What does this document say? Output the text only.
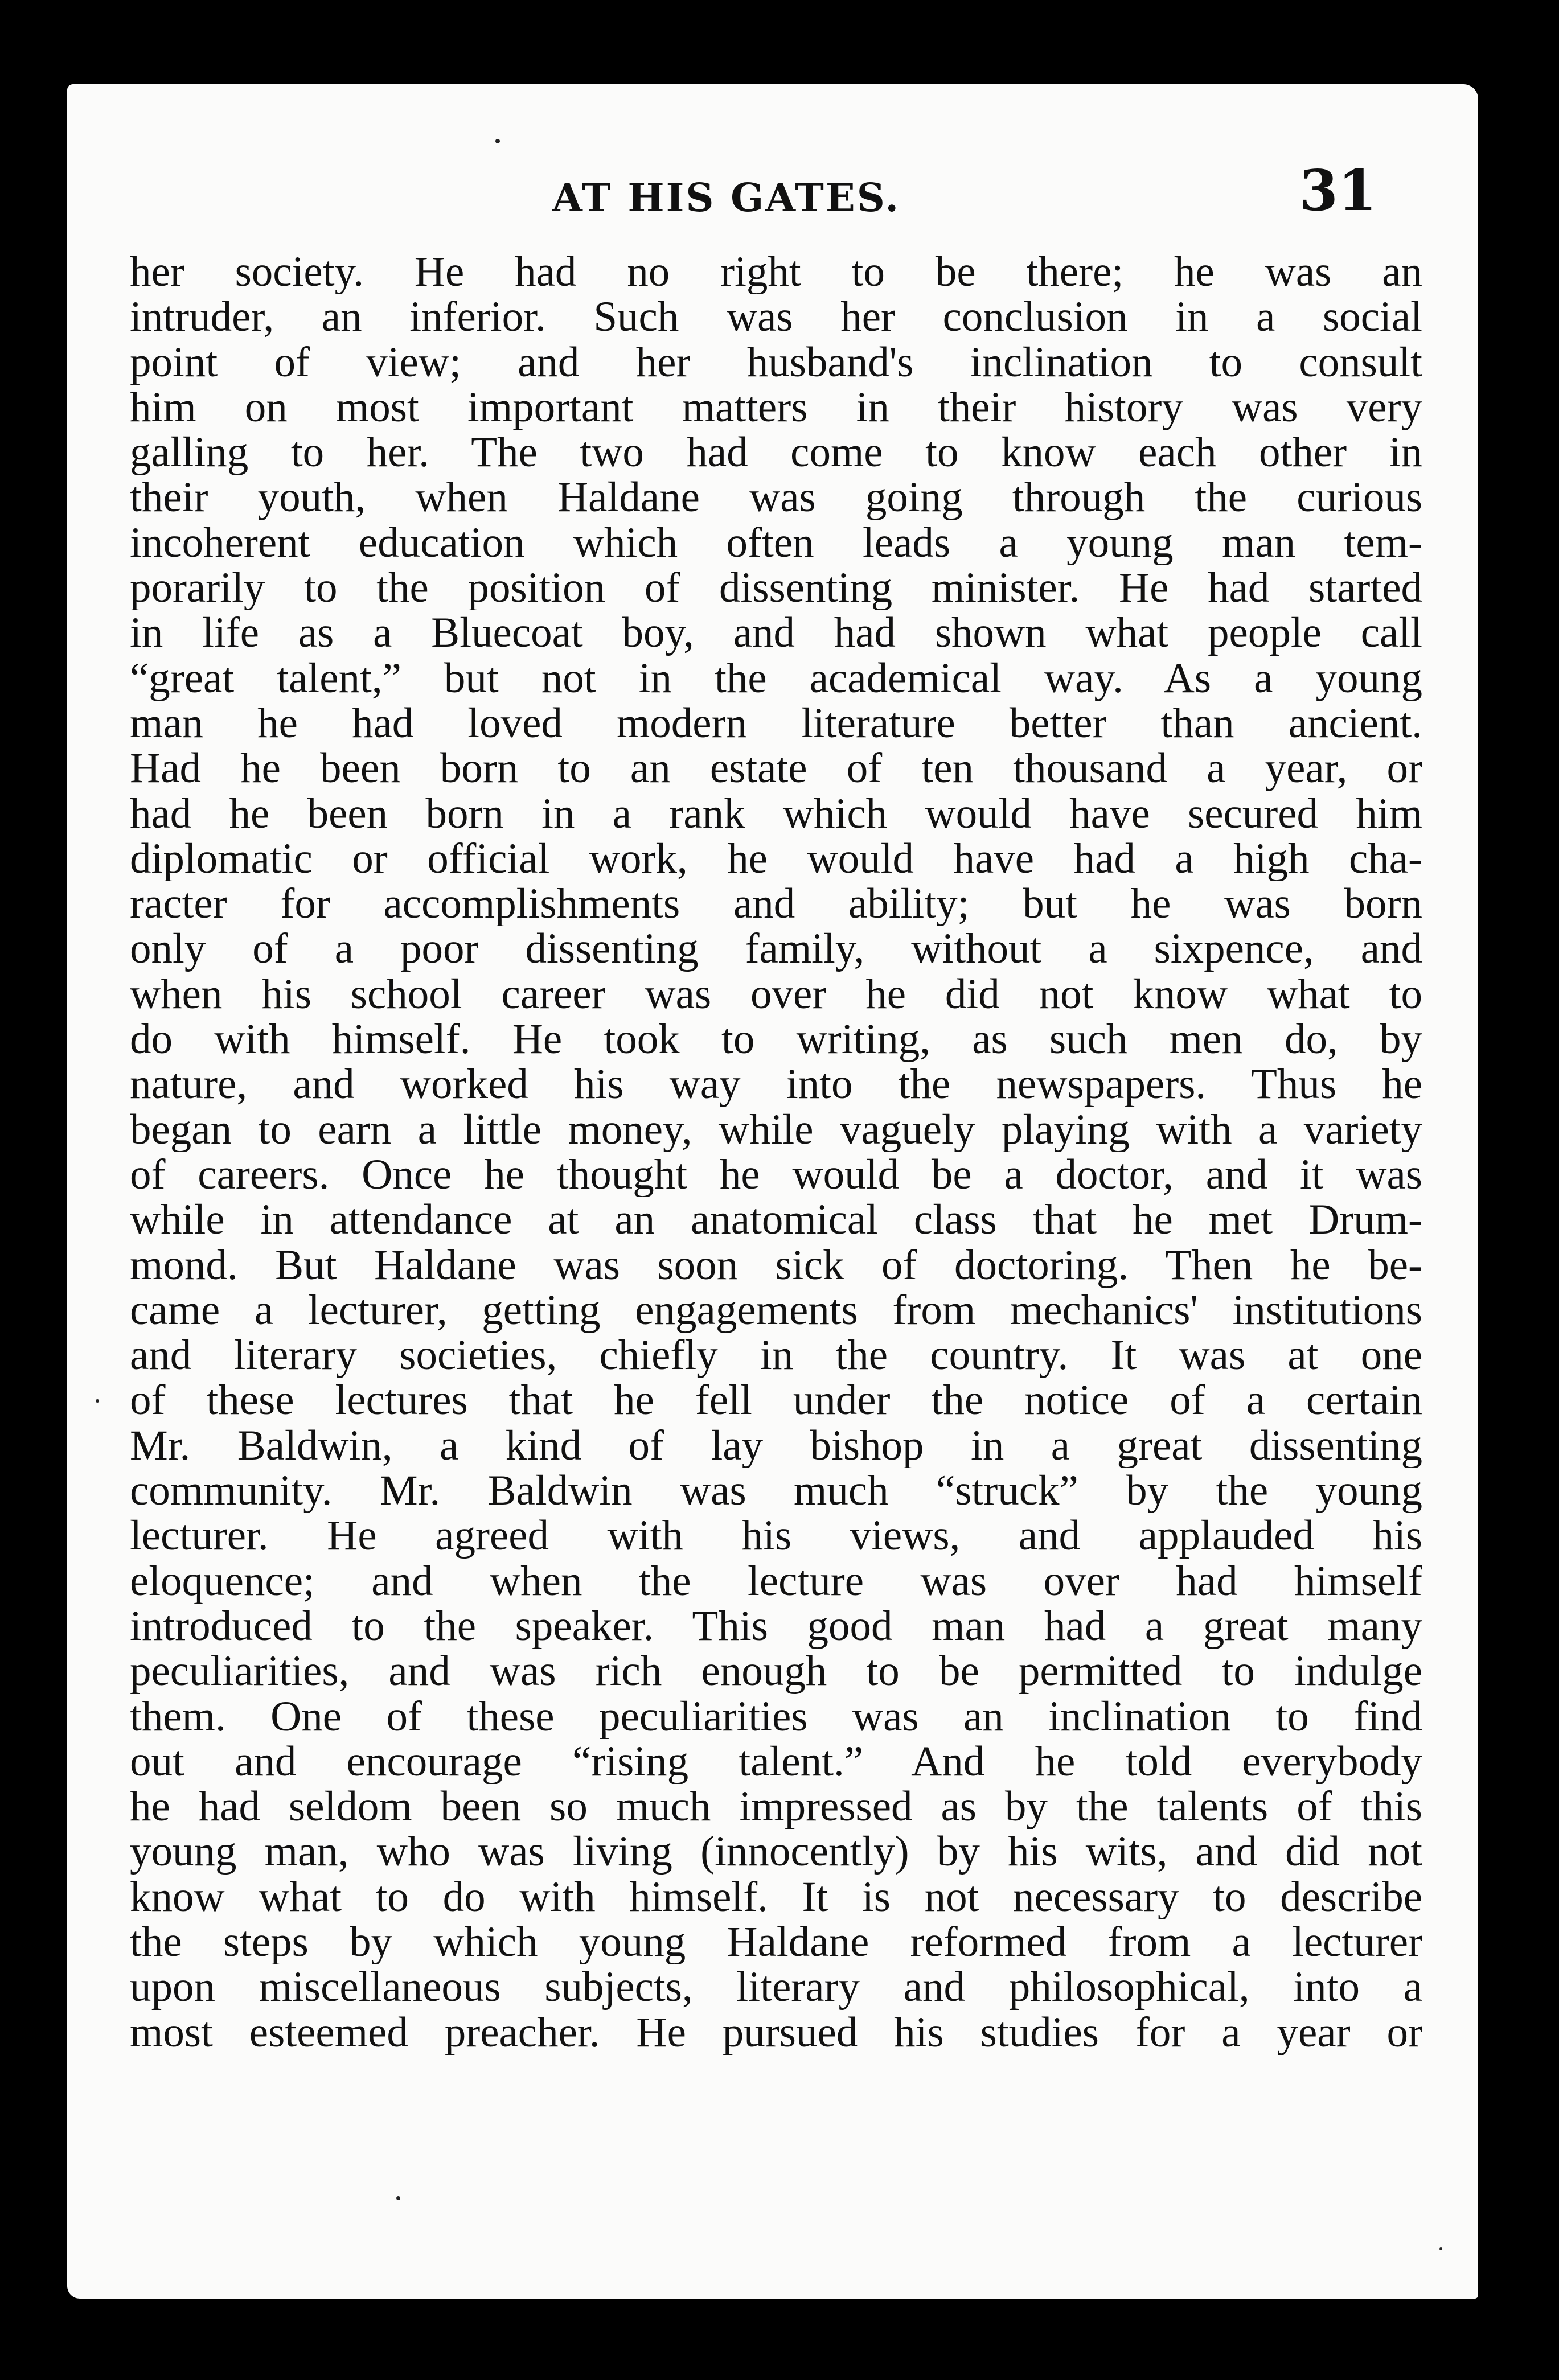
AT HIS GATES.	31
her society. He had no right to be there; he was an
intruder, an inferior. Such was her conclusion in a social
point of view; and her husband's inclination to consult
him on most important matters in their history was very
galling to her. The two had come to know each other in
their youth, when Haldane was going through the curious
incoherent education which often leads a young man tem-
porarily to the position of dissenting minister. He had started
in life as a Bluecoat boy, and had shown what people call
“great talent,” but not in the academical way. As a young
man he had loved modern literature better than ancient.
Had he been born to an estate of ten thousand a year, or
had he been born in a rank which would have secured him
diplomatic or official work, he would have had a high cha-
racter for accomplishments and ability; but he was born
only of a poor dissenting family, without a sixpence, and
when his school career was over he did not know what to
do with himself. He took to writing, as such men do, by
nature, and worked his way into the newspapers. Thus he
began to earn a little money, while vaguely playing with a variety
of careers. Once he thought he would be a doctor, and it was
while in attendance at an anatomical class that he met Drum-
mond. But Haldane was soon sick of doctoring. Then he be-
came a lecturer, getting engagements from mechanics' institutions
and literary societies, chiefly in the country. It was at one
of these lectures that he fell under the notice of a certain
Mr. Baldwin, a kind of lay bishop in a great dissenting
community. Mr. Baldwin was much “struck” by the young
lecturer. He agreed with his views, and applauded his
eloquence; and when the lecture was over had himself
introduced to the speaker. This good man had a great many
peculiarities, and was rich enough to be permitted to indulge
them. One of these peculiarities was an inclination to find
out and encourage “rising talent.” And he told everybody
he had seldom been so much impressed as by the talents of this
young man, who was living (innocently) by his wits, and did not
know what to do with himself. It is not necessary to describe
the steps by which young Haldane reformed from a lecturer
upon miscellaneous subjects, literary and philosophical, into a
most esteemed preacher. He pursued his studies for a year or
